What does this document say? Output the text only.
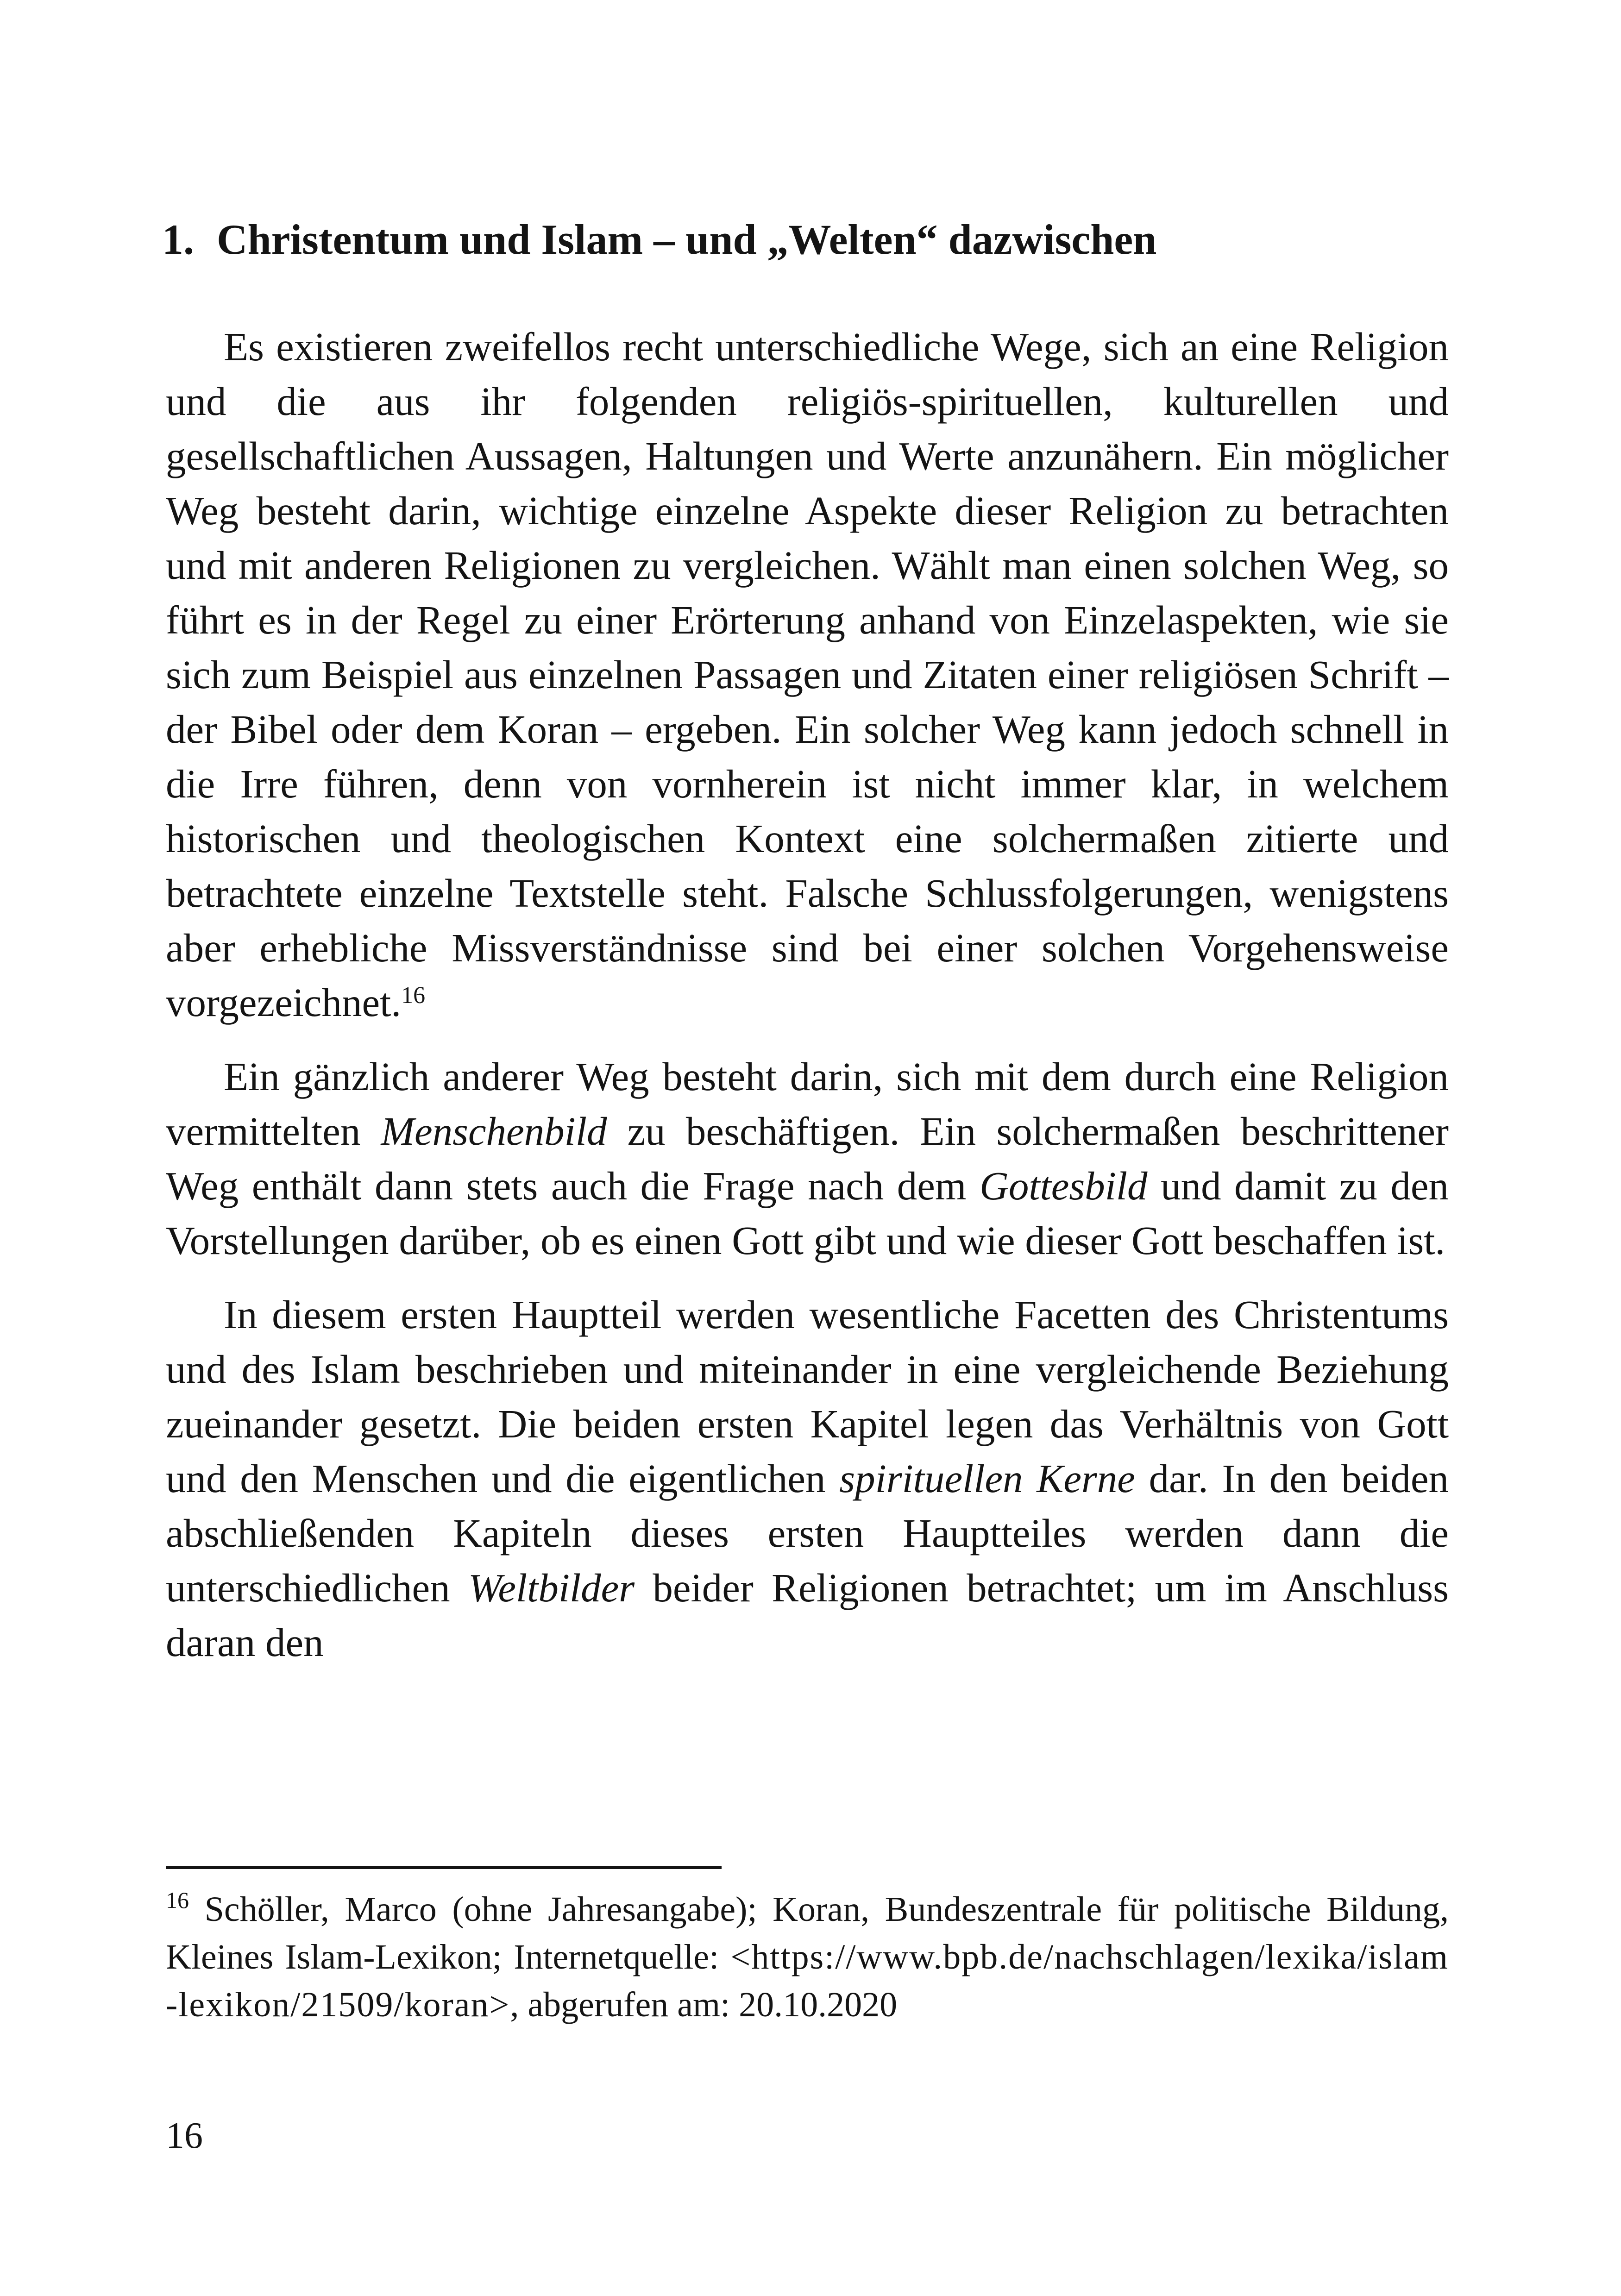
1. Christentum und Islam – und „Welten“ dazwischen

Es existieren zweifellos recht unterschiedliche Wege, sich an eine Religion und die aus ihr folgenden religiös-spirituellen, kulturellen und gesellschaftlichen Aussagen, Haltungen und Werte anzunähern. Ein möglicher Weg besteht darin, wichtige einzelne Aspekte dieser Religion zu betrachten und mit anderen Religionen zu vergleichen. Wählt man einen solchen Weg, so führt es in der Regel zu einer Erörterung anhand von Einzelaspekten, wie sie sich zum Beispiel aus einzelnen Passagen und Zitaten einer religiösen Schrift – der Bibel oder dem Koran – ergeben. Ein solcher Weg kann jedoch schnell in die Irre führen, denn von vornherein ist nicht immer klar, in welchem historischen und theologischen Kontext eine solchermaßen zitierte und betrachtete einzelne Textstelle steht. Falsche Schlussfolgerungen, wenigstens aber erhebliche Missverständnisse sind bei einer solchen Vorgehensweise vorgezeichnet.$^{16}$

Ein gänzlich anderer Weg besteht darin, sich mit dem durch eine Religion vermittelten Menschenbild zu beschäftigen. Ein solchermaßen beschrittener Weg enthält dann stets auch die Frage nach dem Gottesbild und damit zu den Vorstellungen darüber, ob es einen Gott gibt und wie dieser Gott beschaffen ist.

In diesem ersten Hauptteil werden wesentliche Facetten des Christentums und des Islam beschrieben und miteinander in eine vergleichende Beziehung zueinander gesetzt. Die beiden ersten Kapitel legen das Verhältnis von Gott und den Menschen und die eigentlichen spirituellen Kerne dar. In den beiden abschließenden Kapiteln dieses ersten Hauptteiles werden dann die unterschiedlichen Weltbilder beider Religionen betrachtet; um im Anschluss daran den

$^{16}$ Schöller, Marco (ohne Jahresangabe); Koran, Bundeszentrale für politische Bildung, Kleines Islam-Lexikon; Internetquelle: <https://www.bpb.de/nachschlagen/lexika/islam-lexikon/21509/koran>, abgerufen am: 20.10.2020

16
